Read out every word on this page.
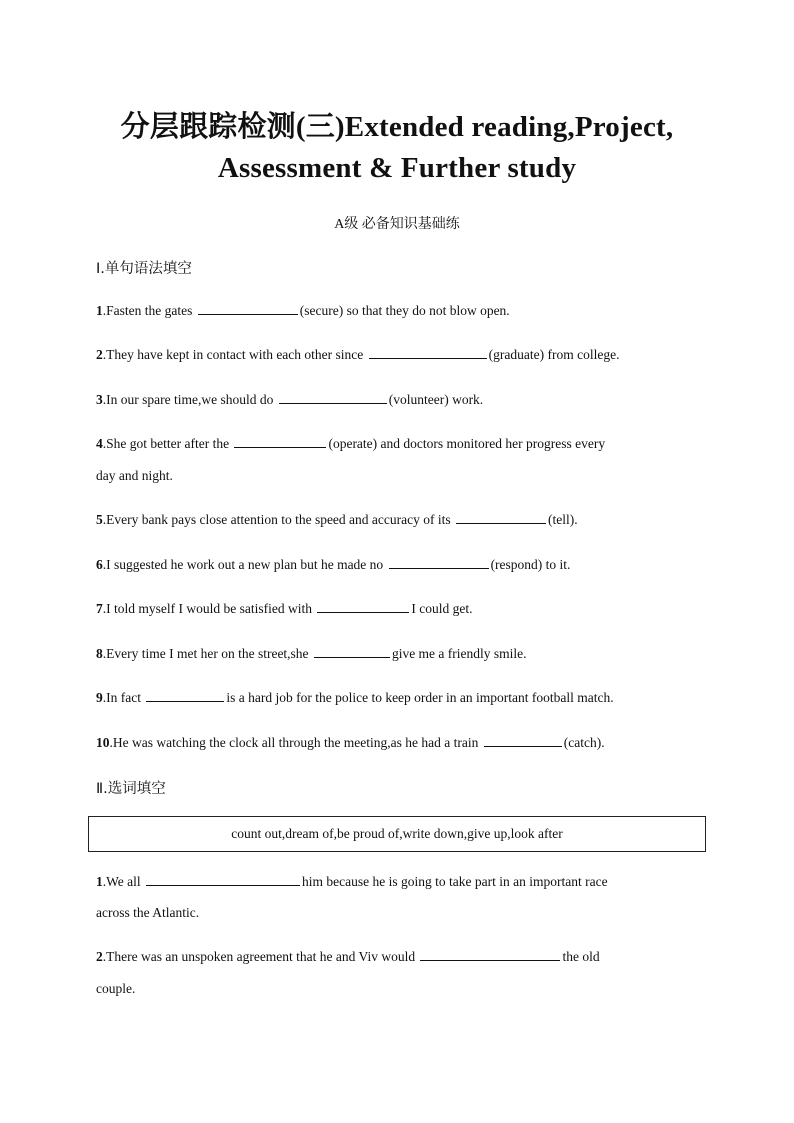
分层跟踪检测(三)Extended reading,Project,
Assessment & Further study
A级 必备知识基础练
Ⅰ.单句语法填空
1.Fasten the gates	(secure) so that they do not blow open.
2.They have kept in contact with each other since	(graduate) from college.
3.In our spare time,we should do	(volunteer) work.
4.She got better after the	(operate) and doctors monitored her progress every
day and night.
5.Every bank pays close attention to the speed and accuracy of its	(tell).
6.I suggested he work out a new plan but he made no	(respond) to it.
7.I told myself I would be satisfied with	I could get.
8.Every time I met her on the street,she	give me a friendly smile.
9.In fact	is a hard job for the police to keep order in an important football match.
10.He was watching the clock all through the meeting,as he had a train	(catch).
Ⅱ.选词填空
count out,dream of,be proud of,write down,give up,look after
1.We all	him because he is going to take part in an important race
across the Atlantic.
2.There was an unspoken agreement that he and Viv would	the old
couple.
